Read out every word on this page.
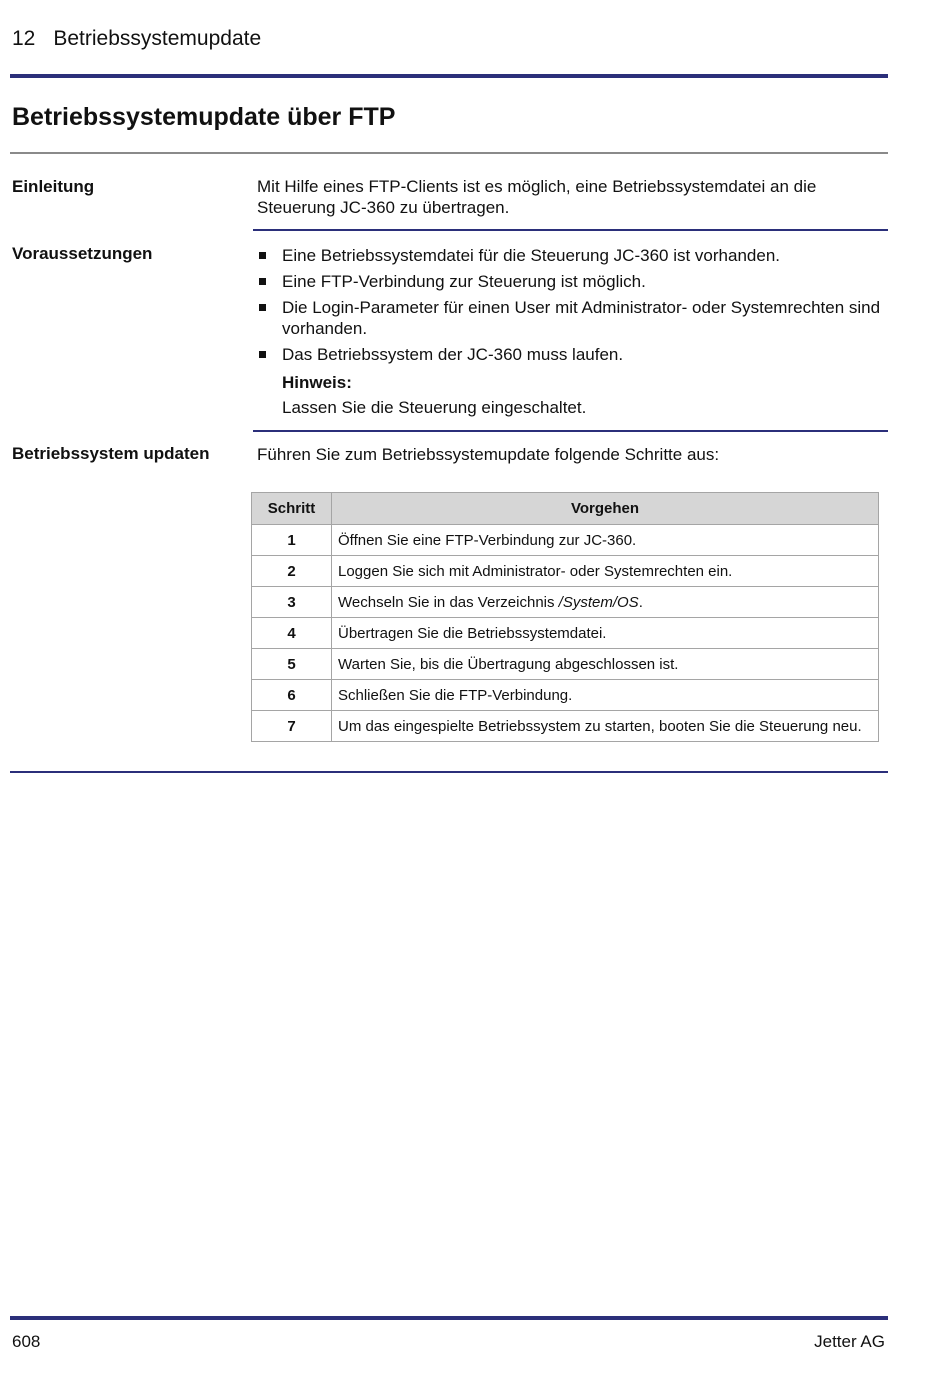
12 Betriebssystemupdate
Betriebssystemupdate über FTP
Einleitung	Mit Hilfe eines FTP-Clients ist es möglich, eine Betriebssystemdatei an die Steuerung JC-360 zu übertragen.
Voraussetzungen	Eine Betriebssystemdatei für die Steuerung JC-360 ist vorhanden.
Eine FTP-Verbindung zur Steuerung ist möglich.
Die Login-Parameter für einen User mit Administrator- oder Systemrechten sind vorhanden.
Das Betriebssystem der JC-360 muss laufen.
Hinweis:
Lassen Sie die Steuerung eingeschaltet.
Betriebssystem updaten	Führen Sie zum Betriebssystemupdate folgende Schritte aus:
Schritt	Vorgehen
1	Öffnen Sie eine FTP-Verbindung zur JC-360.
2	Loggen Sie sich mit Administrator- oder Systemrechten ein.
3	Wechseln Sie in das Verzeichnis /System/OS.
4	Übertragen Sie die Betriebssystemdatei.
5	Warten Sie, bis die Übertragung abgeschlossen ist.
6	Schließen Sie die FTP-Verbindung.
7	Um das eingespielte Betriebssystem zu starten, booten Sie die Steuerung neu.
608	Jetter AG
